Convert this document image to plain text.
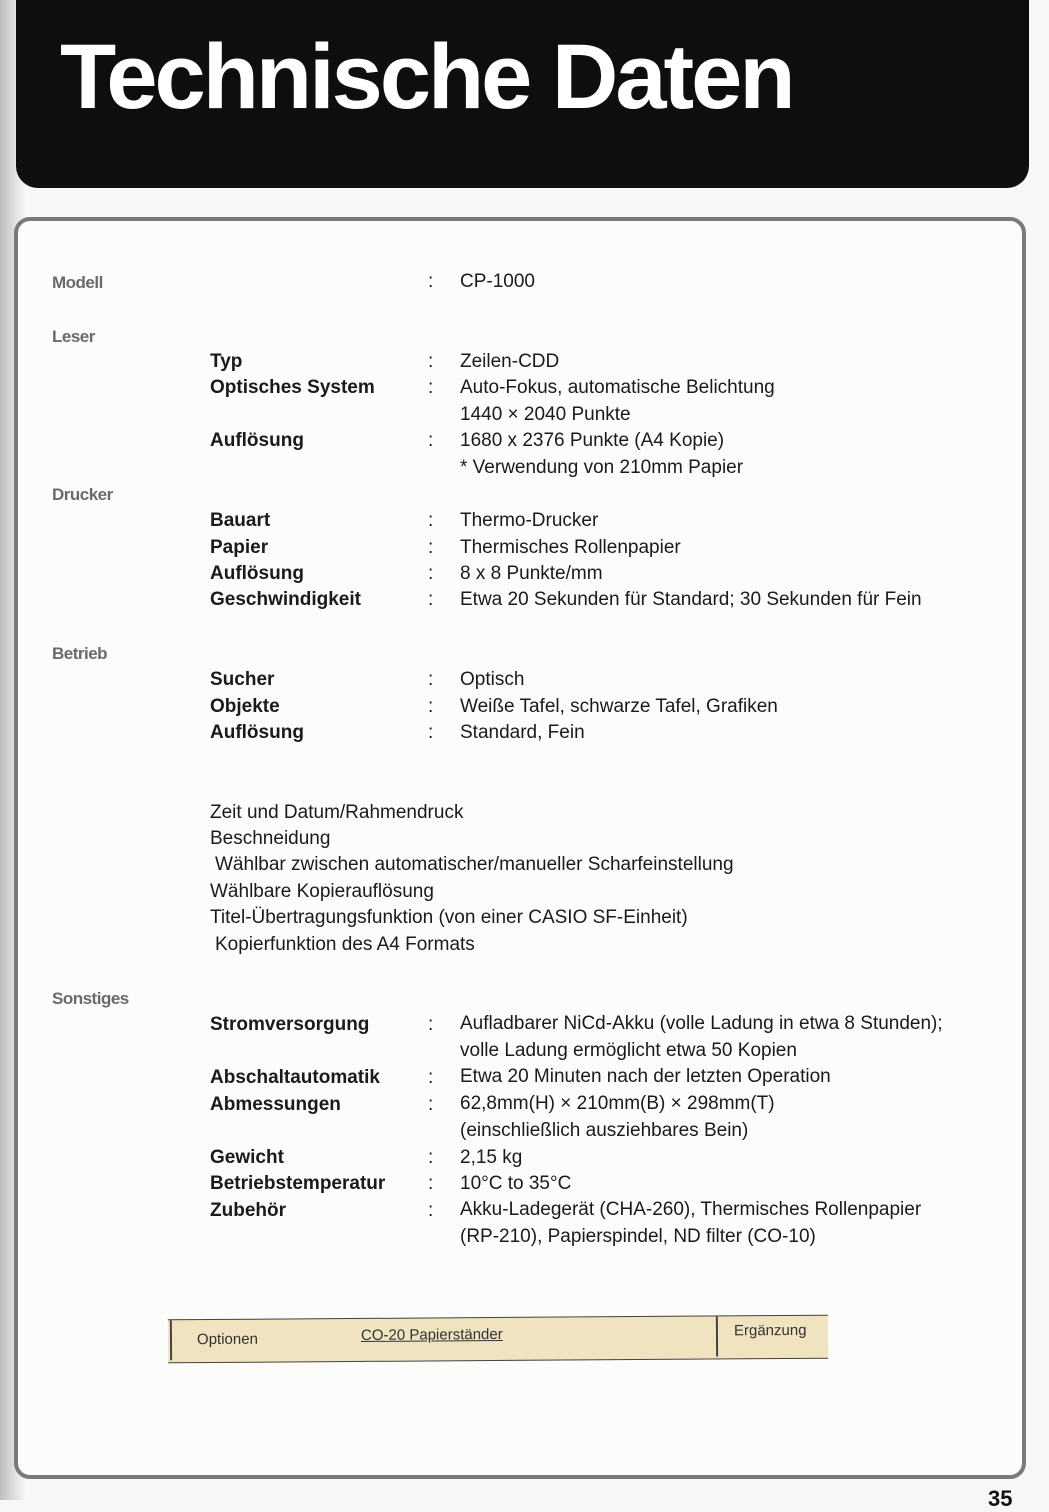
Technische Daten
Modell	: CP-1000
Leser
Typ	: Zeilen-CDD
Optisches System	: Auto-Fokus, automatische Belichtung
1440 × 2040 Punkte
Auflösung	: 1680 x 2376 Punkte (A4 Kopie)
* Verwendung von 210mm Papier
Drucker
Bauart	: Thermo-Drucker
Papier	: Thermisches Rollenpapier
Auflösung	: 8 x 8 Punkte/mm
Geschwindigkeit	: Etwa 20 Sekunden für Standard; 30 Sekunden für Fein
Betrieb
Sucher	: Optisch
Objekte	: Weiße Tafel, schwarze Tafel, Grafiken
Auflösung	: Standard, Fein
Zeit und Datum/Rahmendruck
Beschneidung
Wählbar zwischen automatischer/manueller Scharfeinstellung
Wählbare Kopierauflösung
Titel-Übertragungsfunktion (von einer CASIO SF-Einheit)
Kopierfunktion des A4 Formats
Sonstiges
Stromversorgung	: Aufladbarer NiCd-Akku (volle Ladung in etwa 8 Stunden);
volle Ladung ermöglicht etwa 50 Kopien
Abschaltautomatik	: Etwa 20 Minuten nach der letzten Operation
Abmessungen	: 62,8mm(H) × 210mm(B) × 298mm(T)
(einschließlich ausziehbares Bein)
Gewicht	: 2,15 kg
Betriebstemperatur : 10°C to 35°C
Zubehör	: Akku-Ladegerät (CHA-260), Thermisches Rollenpapier
(RP-210), Papierspindel, ND filter (CO-10)
Optionen	CO-20 Papierständer	Ergänzung
35
